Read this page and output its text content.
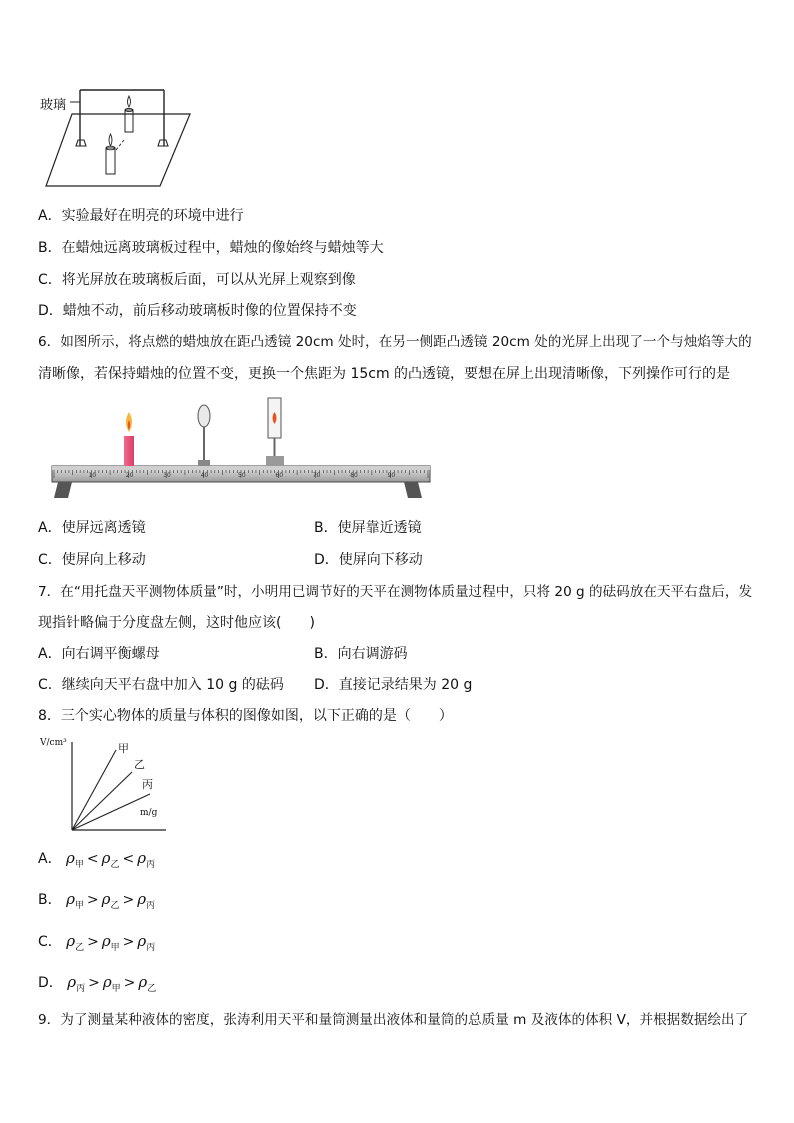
玻璃
A．实验最好在明亮的环境中进行
B．在蜡烛远离玻璃板过程中，蜡烛的像始终与蜡烛等大
C．将光屏放在玻璃板后面，可以从光屏上观察到像
D．蜡烛不动，前后移动玻璃板时像的位置保持不变
6．如图所示，将点燃的蜡烛放在距凸透镜 20cm 处时，在另一侧距凸透镜 20cm 处的光屏上出现了一个与烛焰等大的
清晰像，若保持蜡烛的位置不变，更换一个焦距为 15cm 的凸透镜，要想在屏上出现清晰像，下列操作可行的是
10	20	30	40	50	60	70	80	90
A．使屏远离透镜	B．使屏靠近透镜
C．使屏向上移动	D．使屏向下移动
7．在“用托盘天平测物体质量”时，小明用已调节好的天平在测物体质量过程中，只将 20 g 的砝码放在天平右盘后，发
现指针略偏于分度盘左侧，这时他应该(　　)
A．向右调平衡螺母	B．向右调游码
C．继续向天平右盘中加入 10 g 的砝码 D．直接记录结果为 20 g
8．三个实心物体的质量与体积的图像如图，以下正确的是（　　）
V/cm³
m/g
甲
乙
丙
A． $\rho_甲 < \rho_乙 < \rho_丙$
B． $\rho_甲 > \rho_乙 > \rho_丙$
C． $\rho_乙 > \rho_甲 > \rho_丙$
D． $\rho_丙 > \rho_甲 > \rho_乙$
9．为了测量某种液体的密度，张涛利用天平和量筒测量出液体和量筒的总质量 m 及液体的体积 V，并根据数据绘出了
